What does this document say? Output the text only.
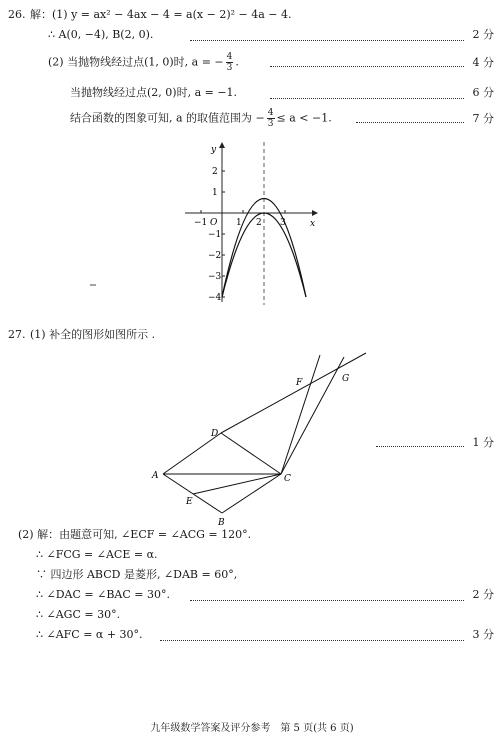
26. 解：(1) y = ax² − 4ax − 4 = a(x − 2)² − 4a − 4.
∴ A(0, −4), B(2, 0).	2 分
(2) 当抛物线经过点(1, 0)时, a = − $\frac{4}{3}$ .	4 分
当抛物线经过点(2, 0)时, a = −1.	6 分
结合函数的图象可知, a 的取值范围为 − $\frac{4}{3} \le a < -1$.	7 分
y
x
O
−1	1 2 3
2
1
−1
−2
−3
−4
27. (1) 补全的图形如图所示 .
A
B
C
D
E
F	G
1 分
(2) 解：由题意可知, ∠ECF = ∠ACG = 120°.
∴ ∠FCG = ∠ACE = α.
∵ 四边形 ABCD 是菱形, ∠DAB = 60°,
∴ ∠DAC = ∠BAC = 30°.	2 分
∴ ∠AGC = 30°.
∴ ∠AFC = α + 30°.	3 分
九年级数学答案及评分参考　第 5 页(共 6 页)
